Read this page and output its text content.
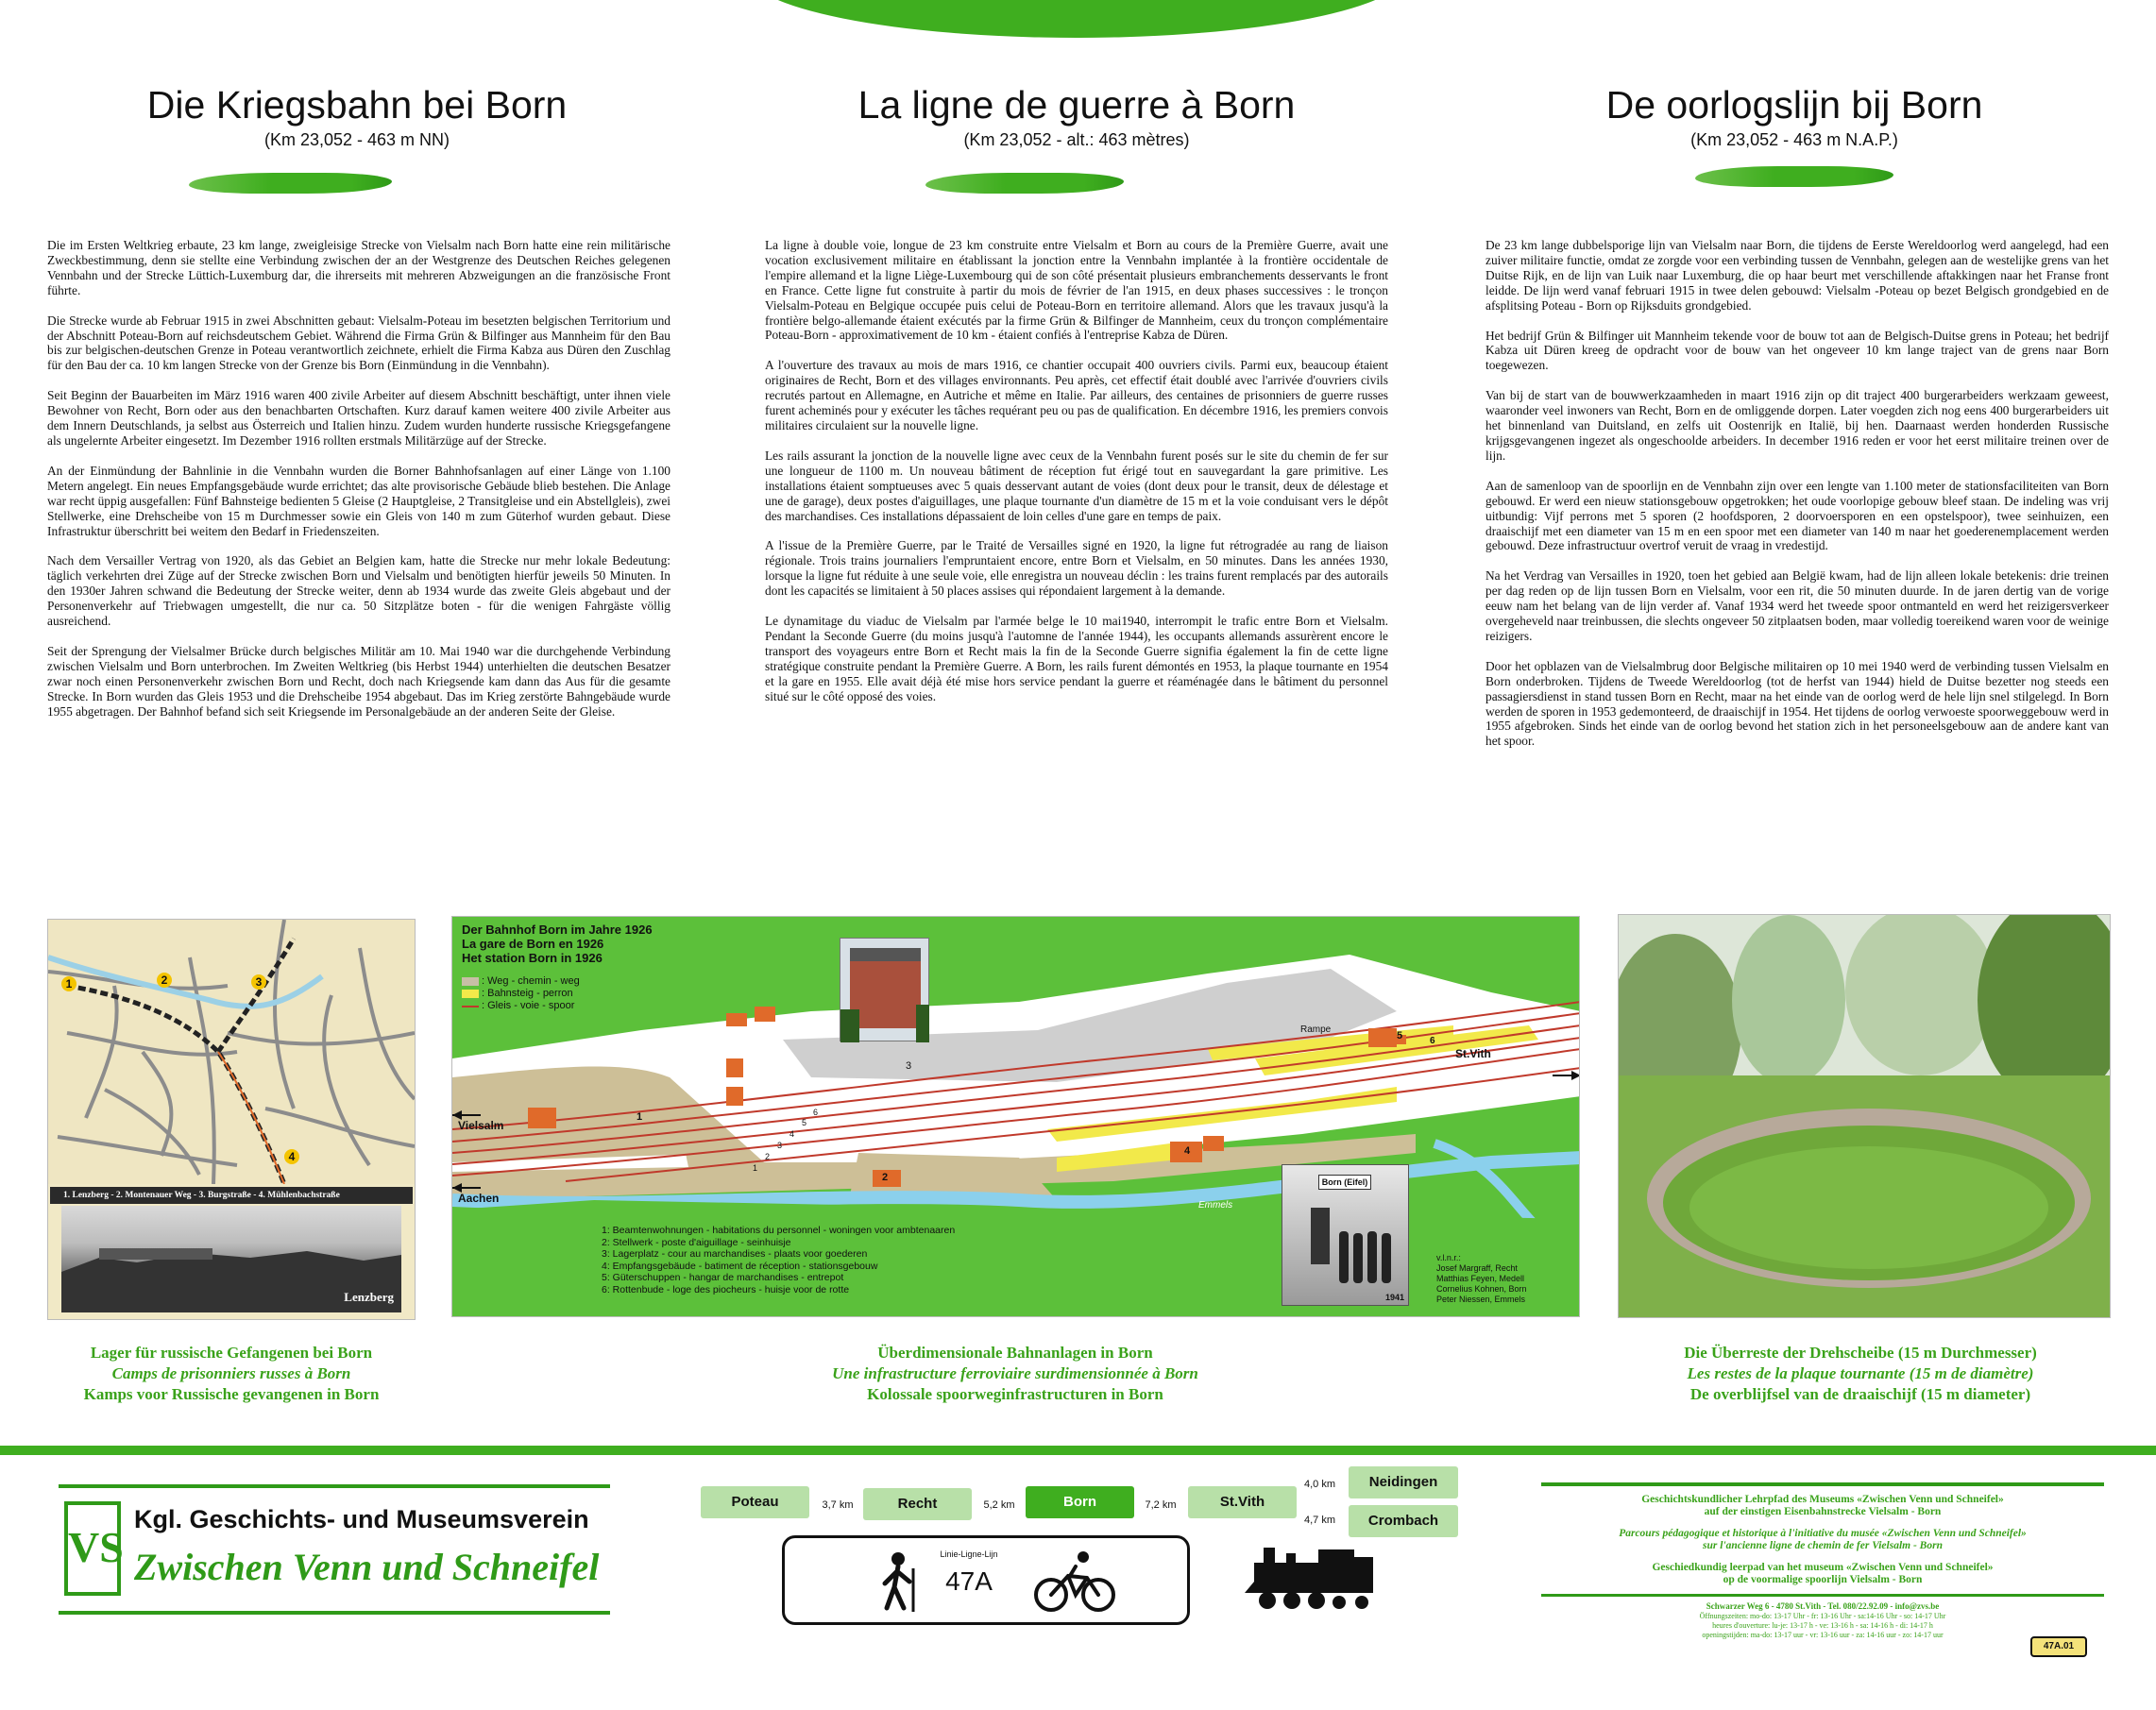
Die Kriegsbahn bei Born
(Km 23,052 - 463 m NN)
La ligne de guerre à Born
(Km 23,052 - alt.: 463 mètres)
De oorlogslijn bij Born
(Km 23,052 - 463 m N.A.P.)

Die im Ersten Weltkrieg erbaute, 23 km lange, zweigleisige Strecke von Vielsalm nach Born hatte eine rein militärische Zweckbestimmung, denn sie stellte eine Verbindung zwischen der an der Westgrenze des Deutschen Reiches gelegenen Vennbahn und der Strecke Lüttich-Luxemburg dar, die ihrerseits mit mehreren Abzweigungen an die französische Front führte.

Die Strecke wurde ab Februar 1915 in zwei Abschnitten gebaut: Vielsalm-Poteau im besetzten belgischen Territorium und der Abschnitt Poteau-Born auf reichsdeutschem Gebiet. Während die Firma Grün & Bilfinger aus Mannheim für den Bau bis zur belgischen-deutschen Grenze in Poteau verantwortlich zeichnete, erhielt die Firma Kabza aus Düren den Zuschlag für den Bau der ca. 10 km langen Strecke von der Grenze bis Born (Einmündung in die Vennbahn).

Seit Beginn der Bauarbeiten im März 1916 waren 400 zivile Arbeiter auf diesem Abschnitt beschäftigt, unter ihnen viele Bewohner von Recht, Born oder aus den benachbarten Ortschaften. Kurz darauf kamen weitere 400 zivile Arbeiter aus dem Innern Deutschlands, ja selbst aus Österreich und Italien hinzu. Zudem wurden hunderte russische Kriegsgefangene als ungelernte Arbeiter eingesetzt. Im Dezember 1916 rollten erstmals Militärzüge auf der Strecke.

An der Einmündung der Bahnlinie in die Vennbahn wurden die Borner Bahnhofsanlagen auf einer Länge von 1.100 Metern angelegt. Ein neues Empfangsgebäude wurde errichtet; das alte provisorische Gebäude blieb bestehen. Die Anlage war recht üppig ausgefallen: Fünf Bahnsteige bedienten 5 Gleise (2 Hauptgleise, 2 Transitgleise und ein Abstellgleis), zwei Stellwerke, eine Drehscheibe von 15 m Durchmesser sowie ein Gleis von 140 m zum Güterhof wurden gebaut. Diese Infrastruktur überschritt bei weitem den Bedarf in Friedenszeiten.

Nach dem Versailler Vertrag von 1920, als das Gebiet an Belgien kam, hatte die Strecke nur mehr lokale Bedeutung: täglich verkehrten drei Züge auf der Strecke zwischen Born und Vielsalm und benötigten hierfür jeweils 50 Minuten. In den 1930er Jahren schwand die Bedeutung der Strecke weiter, denn ab 1934 wurde das zweite Gleis abgebaut und der Personenverkehr auf Triebwagen umgestellt, die nur ca. 50 Sitzplätze boten - für die wenigen Fahrgäste völlig ausreichend.

Seit der Sprengung der Vielsalmer Brücke durch belgisches Militär am 10. Mai 1940 war die durchgehende Verbindung zwischen Vielsalm und Born unterbrochen. Im Zweiten Weltkrieg (bis Herbst 1944) unterhielten die deutschen Besatzer zwar noch einen Personenverkehr zwischen Born und Recht, doch nach Kriegsende kam dann das Aus für die gesamte Strecke. In Born wurden das Gleis 1953 und die Drehscheibe 1954 abgebaut. Das im Krieg zerstörte Bahngebäude wurde 1955 abgetragen. Der Bahnhof befand sich seit Kriegsende im Personalgebäude an der anderen Seite der Gleise.

La ligne à double voie, longue de 23 km construite entre Vielsalm et Born au cours de la Première Guerre, avait une vocation exclusivement militaire en établissant la jonction entre la Vennbahn implantée à la frontière occidentale de l'empire allemand et la ligne Liège-Luxembourg qui de son côté présentait plusieurs embranchements desservants le front en France. Cette ligne fut construite à partir du mois de février de l'an 1915, en deux phases successives : le tronçon Vielsalm-Poteau en Belgique occupée puis celui de Poteau-Born en territoire allemand. Alors que les travaux jusqu'à la frontière belgo-allemande étaient exécutés par la firme Grün & Bilfinger de Mannheim, ceux du tronçon complémentaire Poteau-Born - approximativement de 10 km - étaient confiés à l'entreprise Kabza de Düren.

A l'ouverture des travaux au mois de mars 1916, ce chantier occupait 400 ouvriers civils. Parmi eux, beaucoup étaient originaires de Recht, Born et des villages environnants. Peu après, cet effectif était doublé avec l'arrivée d'ouvriers civils recrutés partout en Allemagne, en Autriche et même en Italie. Par ailleurs, des centaines de prisonniers de guerre russes furent acheminés pour y exécuter les tâches requérant peu ou pas de qualification. En décembre 1916, les premiers convois militaires circulaient sur la nouvelle ligne.

Les rails assurant la jonction de la nouvelle ligne avec ceux de la Vennbahn furent posés sur le site du chemin de fer sur une longueur de 1100 m. Un nouveau bâtiment de réception fut érigé tout en sauvegardant la gare primitive. Les installations étaient somptueuses avec 5 quais desservant autant de voies (dont deux pour le transit, deux de délestage et une de garage), deux postes d'aiguillages, une plaque tournante d'un diamètre de 15 m et la voie conduisant vers le dépôt des marchandises. Ces installations dépassaient de loin celles d'une gare en temps de paix.

A l'issue de la Première Guerre, par le Traité de Versailles signé en 1920, la ligne fut rétrogradée au rang de liaison régionale. Trois trains journaliers l'empruntaient encore, entre Born et Vielsalm, en 50 minutes. Dans les années 1930, lorsque la ligne fut réduite à une seule voie, elle enregistra un nouveau déclin : les trains furent remplacés par des autorails dont les capacités se limitaient à 50 places assises qui répondaient largement à la demande.

Le dynamitage du viaduc de Vielsalm par l'armée belge le 10 mai1940, interrompit le trafic entre Born et Vielsalm. Pendant la Seconde Guerre (du moins jusqu'à l'automne de l'année 1944), les occupants allemands assurèrent encore le transport des voyageurs entre Born et Recht mais la fin de la Seconde Guerre signifia également la fin de cette ligne stratégique construite pendant la Première Guerre. A Born, les rails furent démontés en 1953, la plaque tournante en 1954 et la gare en 1955. Elle avait déjà été mise hors service pendant la guerre et réaménagée dans le bâtiment du personnel situé sur le côté opposé des voies.

De 23 km lange dubbelsporige lijn van Vielsalm naar Born, die tijdens de Eerste Wereldoorlog werd aangelegd, had een zuiver militaire functie, omdat ze zorgde voor een verbinding tussen de Vennbahn, gelegen aan de westelijke grens van het Duitse Rijk, en de lijn van Luik naar Luxemburg, die op haar beurt met verschillende aftakkingen naar het Franse front leidde. De lijn werd vanaf februari 1915 in twee delen gebouwd: Vielsalm -Poteau op bezet Belgisch grondgebied en de afsplitsing Poteau - Born op Rijksduits grondgebied.

Het bedrijf Grün & Bilfinger uit Mannheim tekende voor de bouw tot aan de Belgisch-Duitse grens in Poteau; het bedrijf Kabza uit Düren kreeg de opdracht voor de bouw van het ongeveer 10 km lange traject van de grens naar Born toegewezen.

Van bij de start van de bouwwerkzaamheden in maart 1916 zijn op dit traject 400 burgerarbeiders werkzaam geweest, waaronder veel inwoners van Recht, Born en de omliggende dorpen. Later voegden zich nog eens 400 burgerarbeiders uit het binnenland van Duitsland, en zelfs uit Oostenrijk en Italië, bij hen. Daarnaast werden honderden Russische krijgsgevangenen ingezet als ongeschoolde arbeiders. In december 1916 reden er voor het eerst militaire treinen over de lijn.

Aan de samenloop van de spoorlijn en de Vennbahn zijn over een lengte van 1.100 meter de stationsfaciliteiten van Born gebouwd. Er werd een nieuw stationsgebouw opgetrokken; het oude voorlopige gebouw bleef staan. De indeling was vrij uitbundig: Vijf perrons met 5 sporen (2 hoofdsporen, 2 doorvoersporen en een opstelspoor), twee seinhuizen, een draaischijf met een diameter van 15 m en een spoor met een diameter van 140 m naar het goederenemplacement werden gebouwd. Deze infrastructuur overtrof veruit de vraag in vredestijd.

Na het Verdrag van Versailles in 1920, toen het gebied aan België kwam, had de lijn alleen lokale betekenis: drie treinen per dag reden op de lijn tussen Born en Vielsalm, voor een rit, die 50 minuten duurde. In de jaren dertig van de vorige eeuw nam het belang van de lijn verder af. Vanaf 1934 werd het tweede spoor ontmanteld en werd het reizigersverkeer overgeheveld naar treinbussen, die slechts ongeveer 50 zitplaatsen boden, maar volledig toereikend waren voor de weinige reizigers.

Door het opblazen van de Vielsalmbrug door Belgische militairen op 10 mei 1940 werd de verbinding tussen Vielsalm en Born onderbroken. Tijdens de Tweede Wereldoorlog (tot de herfst van 1944) hield de Duitse bezetter nog steeds een passagiersdienst in stand tussen Born en Recht, maar na het einde van de oorlog werd de hele lijn snel stilgelegd. In Born werden de sporen in 1953 gedemonteerd, de draaischijf in 1954. Het tijdens de oorlog verwoeste spoorweggebouw werd in 1955 afgebroken. Sinds het einde van de oorlog bevond het station zich in het personeelsgebouw aan de andere kant van het spoor.

1	2	3
4
1. Lenzberg - 2. Montenauer Weg - 3. Burgstraße - 4. Mühlenbachstraße
Lenzberg
Der Bahnhof Born im Jahre 1926
La gare de Born en 1926
Het station Born in 1926
: Weg - chemin - weg
: Bahnsteig - perron
: Gleis - voie - spoor
St.Vith
Vielsalm
Aachen
Rampe
Emmels
3
1
2
4
5	6
6
5
4
3
2
1
1: Beamtenwohnungen - habitations du personnel - woningen voor ambtenaaren
2: Stellwerk - poste d'aiguillage - seinhuisje
3: Lagerplatz - cour au marchandises - plaats voor goederen
4: Empfangsgebäude - batiment de réception - stationsgebouw
5: Güterschuppen - hangar de marchandises - entrepot
6: Rottenbude - loge des piocheurs - huisje voor de rotte
Born (Eifel)
1941
v.l.n.r.:
Josef Margraff, Recht
Matthias Feyen, Medell
Cornelius Kohnen, Born
Peter Niessen, Emmels
Lager für russische Gefangenen bei Born
Camps de prisonniers russes à Born
Kamps voor Russische gevangenen in Born
Überdimensionale Bahnanlagen in Born
Une infrastructure ferroviaire surdimensionnée à Born
Kolossale spoorweginfrastructuren in Born
Die Überreste der Drehscheibe (15 m Durchmesser)
Les restes de la plaque tournante (15 m de diamètre)
De overblijfsel van de draaischijf (15 m diameter)
VS
Kgl. Geschichts- und Museumsverein
Zwischen Venn und Schneifel
Poteau	3,7 km	Recht	5,2 km	Born	7,2 km	St.Vith
4,0 km
4,7 km
Neidingen
Crombach
Linie-Ligne-Lijn
47A
Geschichtskundlicher Lehrpfad des Museums «Zwischen Venn und Schneifel»
auf der einstigen Eisenbahnstrecke Vielsalm - Born
Parcours pédagogique et historique à l'initiative du musée «Zwischen Venn und Schneifel»
sur l'ancienne ligne de chemin de fer Vielsalm - Born
Geschiedkundig leerpad van het museum «Zwischen Venn und Schneifel»
op de voormalige spoorlijn Vielsalm - Born
Schwarzer Weg 6 - 4780 St.Vith - Tel. 080/22.92.09 - info@zvs.be
Öffnungszeiten: mo-do: 13-17 Uhr - fr: 13-16 Uhr - sa:14-16 Uhr - so: 14-17 Uhr
heures d'ouverture: lu-je: 13-17 h - ve: 13-16 h - sa: 14-16 h - di: 14-17 h
openingstijden: ma-do: 13-17 uur - vr: 13-16 uur - za: 14-16 uur - zo: 14-17 uur
47A.01
